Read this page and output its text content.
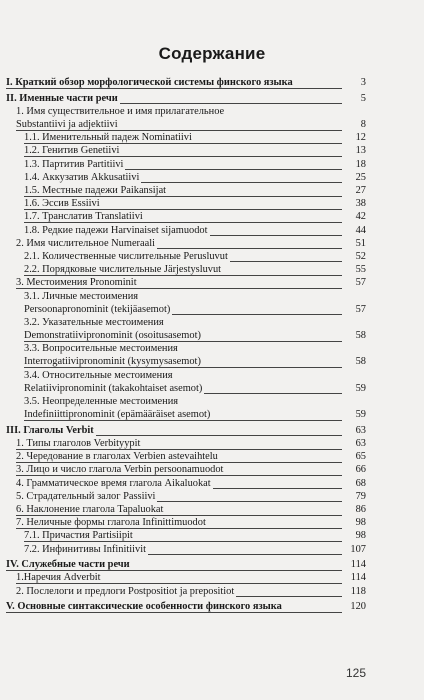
Содержание
I. Краткий обзор морфологической системы финского языка	3
II. Именные части речи	5
1. Имя существительное и имя прилагательное
Substantiivi ja adjektiivi	8
1.1. Именительный падеж Nominatiivi	12
1.2. Генитив Genetiivi	13
1.3. Партитив Partitiivi	18
1.4. Аккузатив Akkusatiivi	25
1.5. Местные падежи Paikansijat	27
1.6. Эссив Essiivi	38
1.7. Транслатив Translatiivi	42
1.8. Редкие падежи Harvinaiset sijamuodot	44
2. Имя числительное Numeraali	51
2.1. Количественные числительные Perusluvut	52
2.2. Порядковые числительные Järjestysluvut	55
3. Местоимения Pronominit	57
3.1. Личные местоимения
Persoonapronominit (tekijäasemot)	57
3.2. Указательные местоимения
Demonstratiivipronominit (osoitusasemot)	58
3.3. Вопросительные местоимения
Interrogatiivipronominit (kysymysasemot)	58
3.4. Относительные местоимения
Relatiivipronominit (takakohtaiset asemot)	59
3.5. Неопределенные местоимения
Indefiniittipronominit (epämääräiset asemot)	59
III. Глаголы Verbit	63
1. Типы глаголов Verbityypit	63
2. Чередование в глаголах Verbien astevaihtelu	65
3. Лицо и число глагола Verbin persoonamuodot	66
4. Грамматическое время глагола Aikaluokat	68
5. Страдательный залог Passiivi	79
6. Наклонение глагола Tapaluokat	86
7. Неличные формы глагола Infinittimuodot	98
7.1. Причастия Partisiipit	98
7.2. Инфинитивы Infinitiivit	107
IV. Служебные части речи	114
1.Наречия Adverbit	114
2. Послелоги и предлоги Postpositiot ja prepositiot	118
V. Основные синтаксические особенности финского языка	120
125
